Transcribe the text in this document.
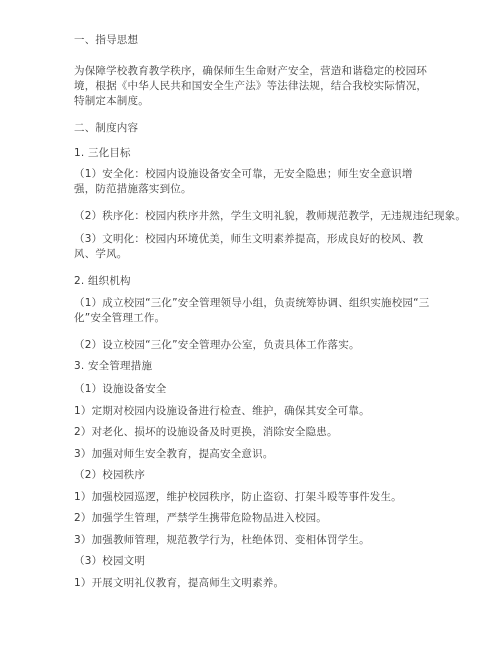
一、指导思想
为保障学校教育教学秩序，确保师生生命财产安全，营造和谐稳定的校园环境，根据《中华人民共和国安全生产法》等法律法规，结合我校实际情况，特制定本制度。
二、制度内容
1. 三化目标
（1）安全化：校园内设施设备安全可靠，无安全隐患；师生安全意识增强，防范措施落实到位。
（2）秩序化：校园内秩序井然，学生文明礼貌，教师规范教学，无违规违纪现象。
（3）文明化：校园内环境优美，师生文明素养提高，形成良好的校风、教风、学风。
2. 组织机构
（1）成立校园“三化”安全管理领导小组，负责统筹协调、组织实施校园“三化”安全管理工作。
（2）设立校园“三化”安全管理办公室，负责具体工作落实。
3. 安全管理措施
（1）设施设备安全
1）定期对校园内设施设备进行检查、维护，确保其安全可靠。
2）对老化、损坏的设施设备及时更换，消除安全隐患。
3）加强对师生安全教育，提高安全意识。
（2）校园秩序
1）加强校园巡逻，维护校园秩序，防止盗窃、打架斗殴等事件发生。
2）加强学生管理，严禁学生携带危险物品进入校园。
3）加强教师管理，规范教学行为，杜绝体罚、变相体罚学生。
（3）校园文明
1）开展文明礼仪教育，提高师生文明素养。
